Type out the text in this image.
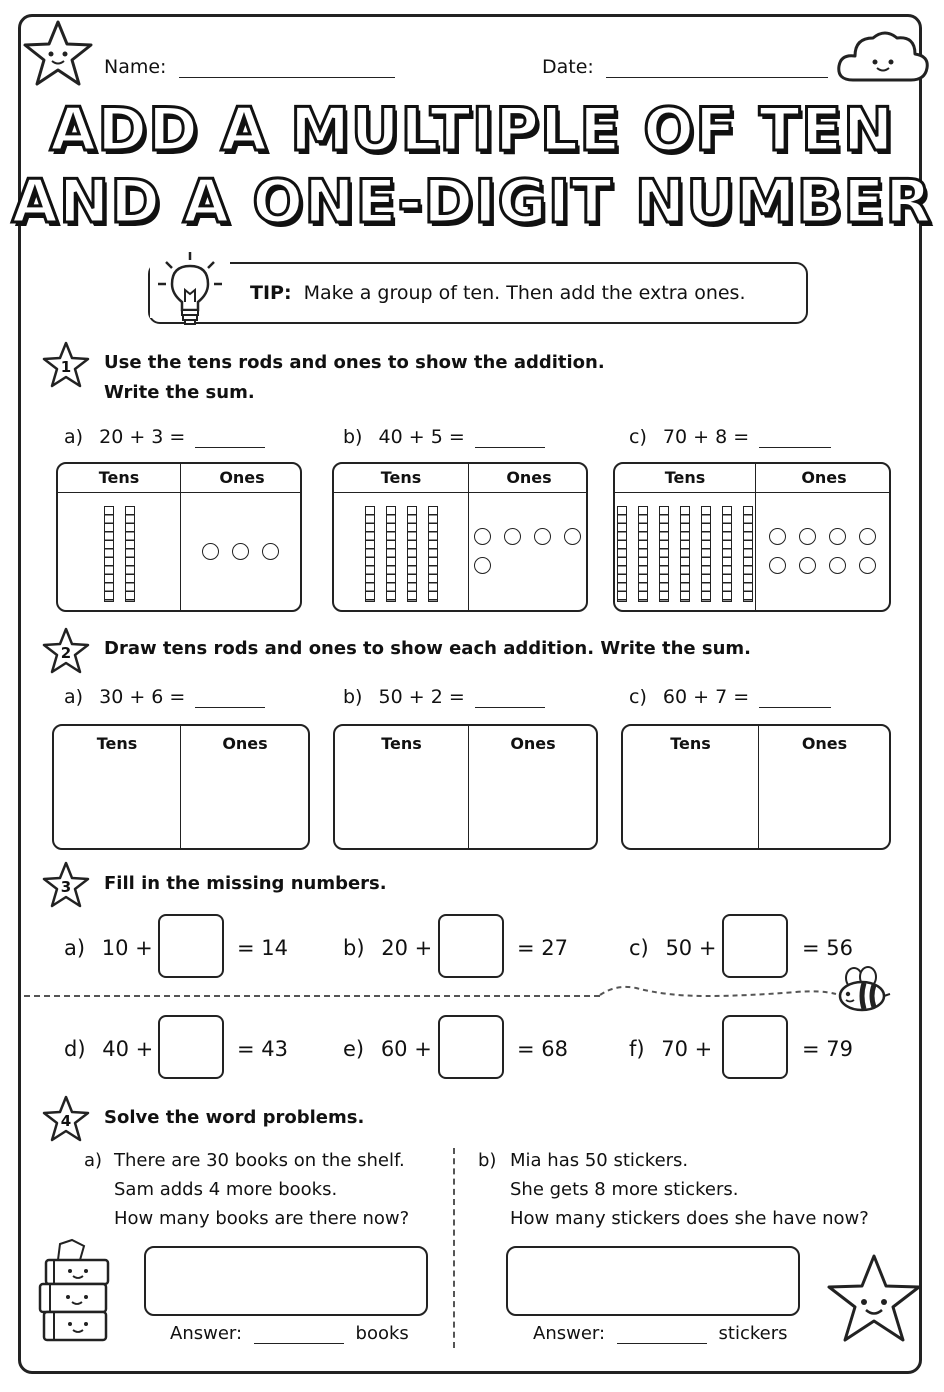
Name:	Date:
ADD A MULTIPLE OF TEN
AND A ONE-DIGIT NUMBER
TIP: Make a group of ten. Then add the extra ones.
1 Use the tens rods and ones to show the addition.
Write the sum.
a) 20 + 3 =	b) 40 + 5 =	c) 70 + 8 =
Tens	Ones	Tens	Ones	Tens	Ones
2 Draw tens rods and ones to show each addition. Write the sum.
a) 30 + 6 =	b) 50 + 2 =	c) 60 + 7 =
Tens	Ones	Tens	Ones	Tens	Ones
3 Fill in the missing numbers.
a) 10 +	= 14	b) 20 +	= 27	c) 50 +	= 56
d) 40 +	= 43	e) 60 +	= 68	f) 70 +	= 79
4 Solve the word problems.
a) There are 30 books on the shelf.
Sam adds 4 more books.
How many books are there now?
Answer:	books
b) Mia has 50 stickers.
She gets 8 more stickers.
How many stickers does she have now?
Answer:	stickers
